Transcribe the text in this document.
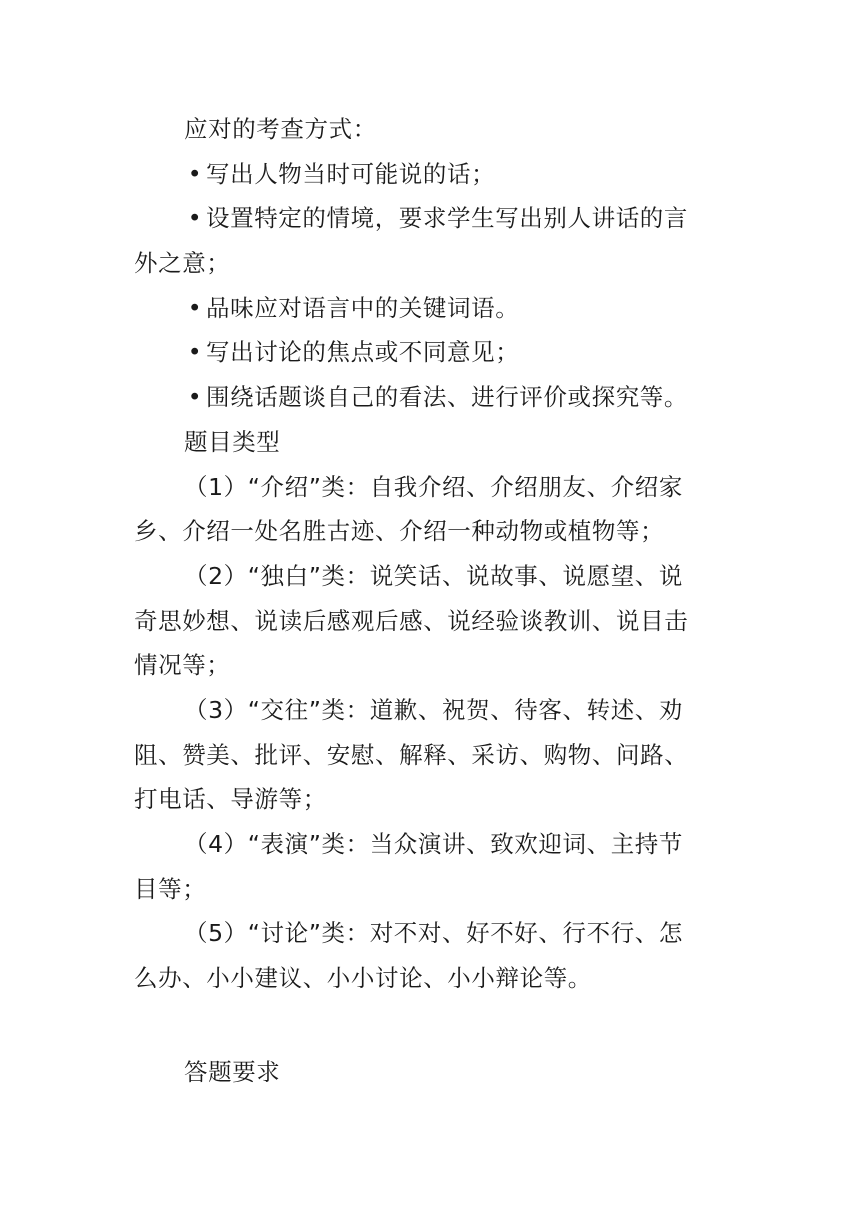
应对的考查方式：
• 写出人物当时可能说的话；
• 设置特定的情境，要求学生写出别人讲话的言
外之意；
• 品味应对语言中的关键词语。
• 写出讨论的焦点或不同意见；
• 围绕话题谈自己的看法、进行评价或探究等。
题目类型
（1）“介绍”类：自我介绍、介绍朋友、介绍家
乡、介绍一处名胜古迹、介绍一种动物或植物等；
（2）“独白”类：说笑话、说故事、说愿望、说
奇思妙想、说读后感观后感、说经验谈教训、说目击
情况等；
（3）“交往”类：道歉、祝贺、待客、转述、劝
阻、赞美、批评、安慰、解释、采访、购物、问路、
打电话、导游等；
（4）“表演”类：当众演讲、致欢迎词、主持节
目等；
（5）“讨论”类：对不对、好不好、行不行、怎
么办、小小建议、小小讨论、小小辩论等。
答题要求
